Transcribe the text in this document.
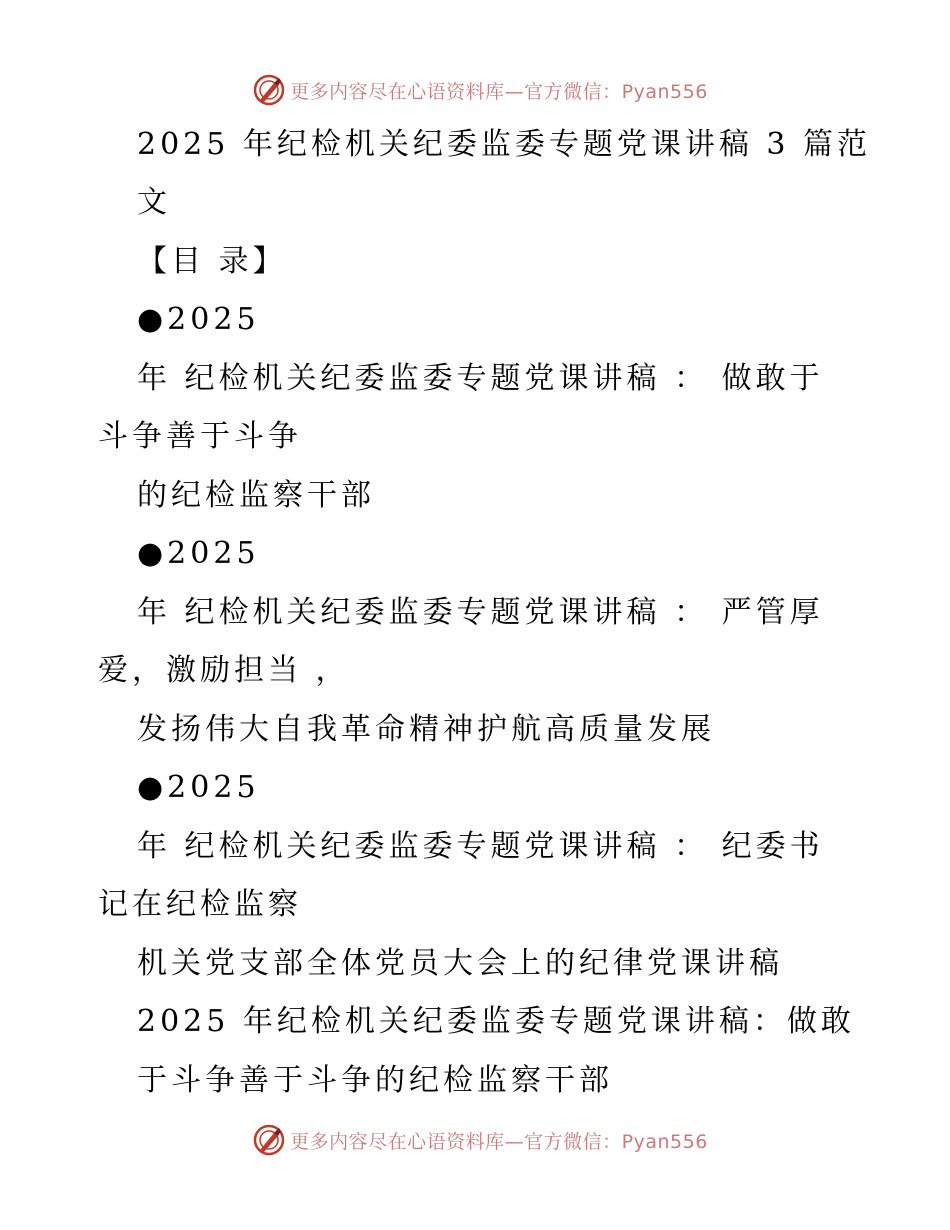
更多内容尽在心语资料库—官方微信：Pyan556
2025 年纪检机关纪委监委专题党课讲稿 3 篇范
文
【目 录】
●2025
年 纪检机关纪委监委专题党课讲稿 ： 做敢于
斗争善于斗争
的纪检监察干部
●2025
年 纪检机关纪委监委专题党课讲稿 ： 严管厚
爱，激励担当 ，
发扬伟大自我革命精神护航高质量发展
●2025
年 纪检机关纪委监委专题党课讲稿 ： 纪委书
记在纪检监察
机关党支部全体党员大会上的纪律党课讲稿
2025 年纪检机关纪委监委专题党课讲稿：做敢
于斗争善于斗争的纪检监察干部
更多内容尽在心语资料库—官方微信：Pyan556
